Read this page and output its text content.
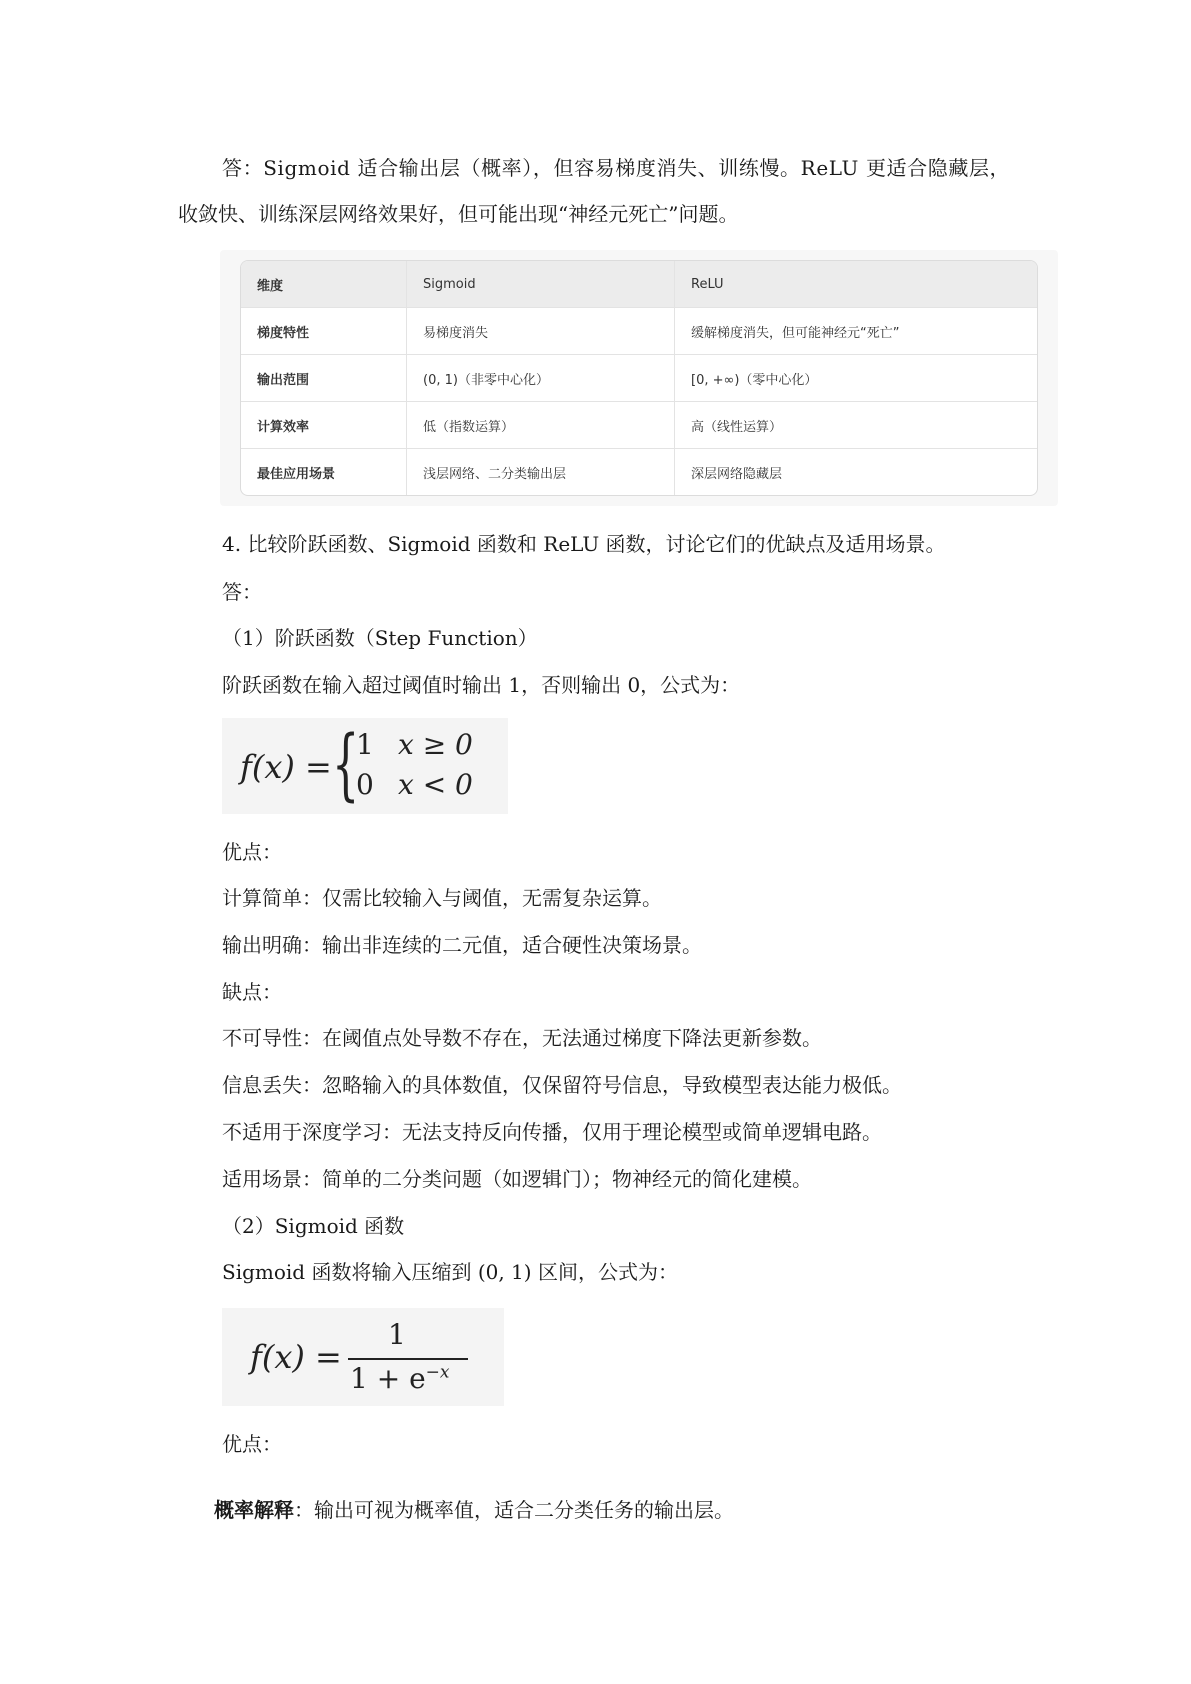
答：Sigmoid 适合输出层（概率），但容易梯度消失、训练慢。ReLU 更适合隐藏层，
收敛快、训练深层网络效果好，但可能出现“神经元死亡”问题。
维度	Sigmoid	ReLU
梯度特性	易梯度消失	缓解梯度消失，但可能神经元“死亡”
输出范围	(0, 1)（非零中心化）	[0, +∞)（零中心化）
计算效率	低（指数运算）	高（线性运算）
最佳应用场景	浅层网络、二分类输出层	深层网络隐藏层
4. 比较阶跃函数、Sigmoid 函数和 ReLU 函数，讨论它们的优缺点及适用场景。
答：
（1）阶跃函数（Step Function）
阶跃函数在输入超过阈值时输出 1，否则输出 0，公式为：
f(x) = {
1 x ≥ 0
0 x < 0
优点：
计算简单：仅需比较输入与阈值，无需复杂运算。
输出明确：输出非连续的二元值，适合硬性决策场景。
缺点：
不可导性：在阈值点处导数不存在，无法通过梯度下降法更新参数。
信息丢失：忽略输入的具体数值，仅保留符号信息，导致模型表达能力极低。
不适用于深度学习：无法支持反向传播，仅用于理论模型或简单逻辑电路。
适用场景：简单的二分类问题（如逻辑门）；物神经元的简化建模。
（2）Sigmoid 函数
Sigmoid 函数将输入压缩到 (0, 1) 区间，公式为：
f(x) =
1
$1 + e^{-x}$
优点：
概率解释：输出可视为概率值，适合二分类任务的输出层。
